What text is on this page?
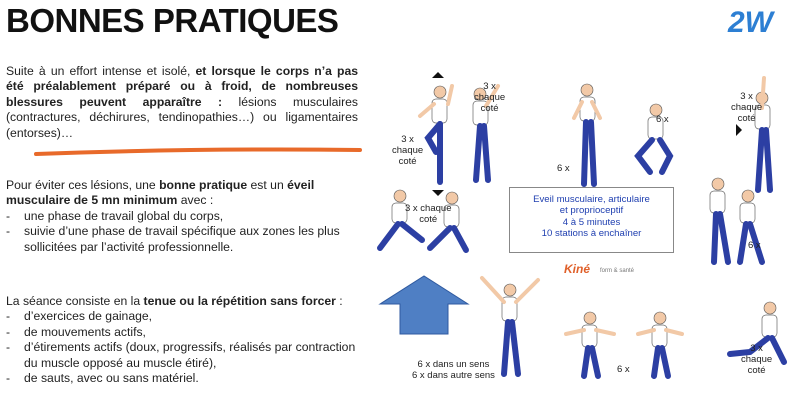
BONNES PRATIQUES	2W
Suite à un effort intense et isolé, et lorsque le corps n’a pas été préalablement préparé ou à froid, de nombreuses blessures peuvent apparaître : lésions musculaires (contractures, déchirures, tendinopathies…) ou ligamentaires (entorses)…
Pour éviter ces lésions, une bonne pratique est un éveil musculaire de 5 mn minimum avec :
- une phase de travail global du corps,
- suivie d’une phase de travail spécifique aux zones les plus sollicitées par l’activité professionnelle.
La séance consiste en la tenue ou la répétition sans forcer :
- d’exercices de gainage,
- de mouvements actifs,
- d’étirements actifs (doux, progressifs, réalisés par contraction du muscle opposé au muscle étiré),
- de sauts, avec ou sans matériel.
3 x
chaque
coté
3 x
chaque
coté
6 x
6 x
3 x
chaque
coté
3 x chaque
coté
6 x
6 x dans un sens
6 x dans autre sens
6 x
3 x
chaque
coté
Eveil musculaire, articulaire
et proprioceptif
4 à 5 minutes
10 stations à enchaîner
Kiné form & santé
